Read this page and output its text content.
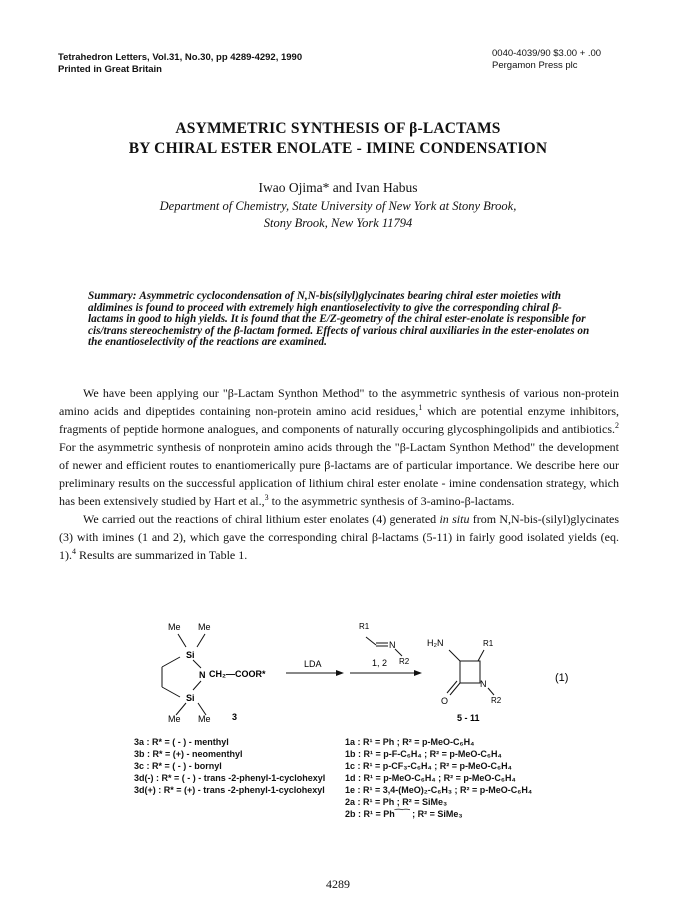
Tetrahedron Letters, Vol.31, No.30, pp 4289-4292, 1990
Printed in Great Britain
0040-4039/90 $3.00 + .00
Pergamon Press plc
ASYMMETRIC SYNTHESIS OF β-LACTAMS
BY CHIRAL ESTER ENOLATE - IMINE CONDENSATION
Iwao Ojima* and Ivan Habus
Department of Chemistry, State University of New York at Stony Brook,
Stony Brook, New York 11794
Summary: Asymmetric cyclocondensation of N,N-bis(silyl)glycinates bearing chiral ester moieties with aldimines is found to proceed with extremely high enantioselectivity to give the corresponding chiral β-lactams in good to high yields. It is found that the E/Z-geometry of the chiral ester-enolate is responsible for cis/trans stereochemistry of the β-lactam formed. Effects of various chiral auxiliaries in the ester-enolates on the enantioselectivity of the reactions are examined.

We have been applying our "β-Lactam Synthon Method" to the asymmetric synthesis of various non-protein amino acids and dipeptides containing non-protein amino acid residues,$^1$ which are potential enzyme inhibitors, fragments of peptide hormone analogues, and components of naturally occuring glycosphingolipids and antibiotics.$^2$ For the asymmetric synthesis of nonprotein amino acids through the "β-Lactam Synthon Method" the development of newer and efficient routes to enantiomerically pure β-lactams are of particular importance. We describe here our preliminary results on the successful application of lithium chiral ester enolate - imine condensation strategy, which has been extensively studied by Hart et al.,$^3$ to the asymmetric synthesis of 3-amino-β-lactams.

We carried out the reactions of chiral lithium ester enolates (4) generated in situ from N,N-bis-(silyl)glycinates (3) with imines (1 and 2), which gave the corresponding chiral β-lactams (5-11) in fairly good isolated yields (eq. 1).$^4$ Results are summarized in Table 1.

Me Me
Si
N CH₂—COOR*
Si
Me Me 3
LDA
R1
N
R2
1, 2
H₂N	R1
N
R2
O
5 - 11
(1)
3a : R* = ( - ) - menthyl
3b : R* = (+) - neomenthyl
3c : R* = ( - ) - bornyl
3d(-) : R* = ( - ) - trans -2-phenyl-1-cyclohexyl
3d(+) : R* = (+) - trans -2-phenyl-1-cyclohexyl
1a : R¹ = Ph ; R² = p-MeO-C₆H₄
1b : R¹ = p-F-C₆H₄ ; R² = p-MeO-C₆H₄
1c : R¹ = p-CF₃-C₆H₄ ; R² = p-MeO-C₆H₄
1d : R¹ = p-MeO-C₆H₄ ; R² = p-MeO-C₆H₄
1e : R¹ = 3,4-(MeO)₂-C₆H₃ ; R² = p-MeO-C₆H₄
2a : R¹ = Ph ; R² = SiMe₃
2b : R¹ = Ph⁀⁀ ; R² = SiMe₃
4289
